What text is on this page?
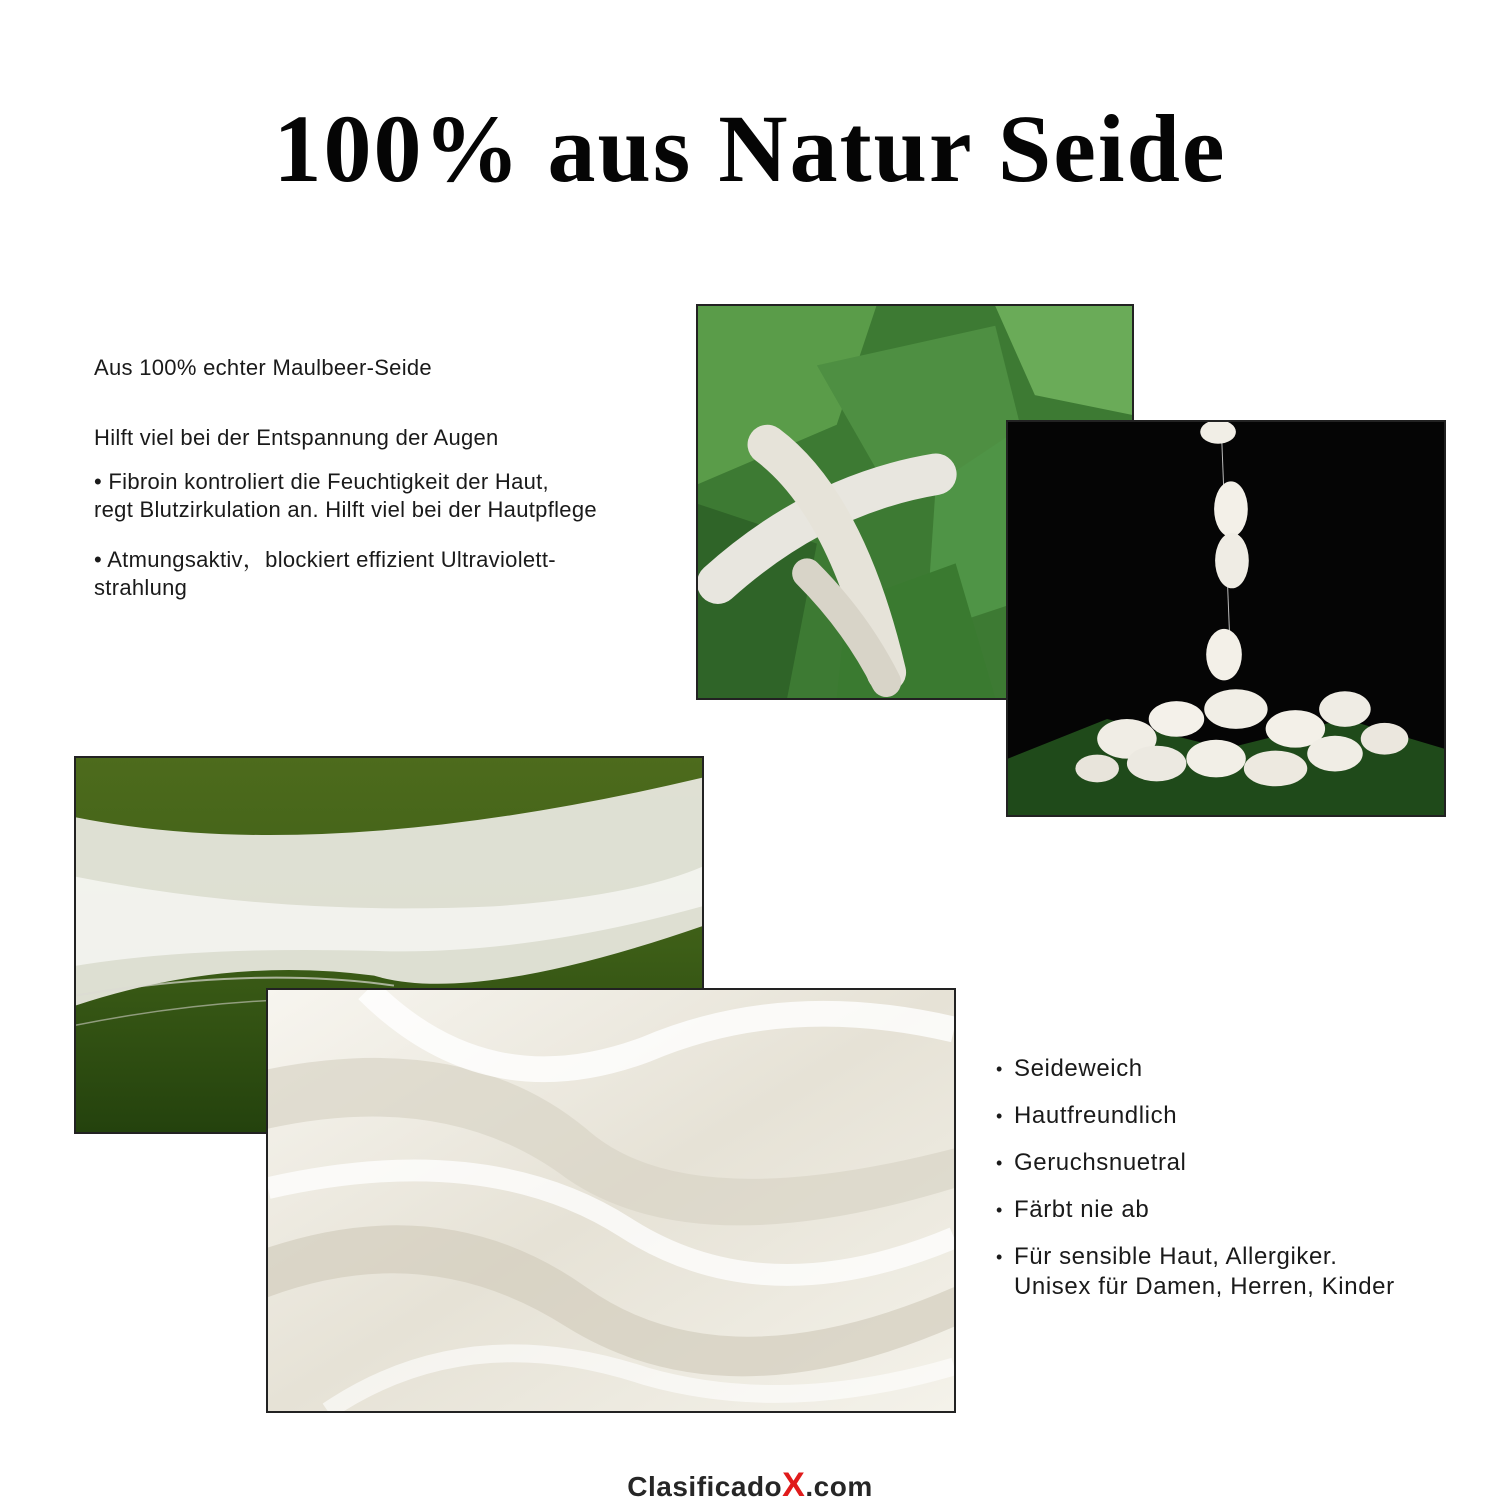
100% aus Natur Seide

Aus 100% echter Maulbeer-Seide

Hilft viel bei der Entspannung der Augen

• Fibroin kontroliert die Feuchtigkeit der Haut,
regt Blutzirkulation an. Hilft viel bei der Hautpflege

• Atmungsaktiv，blockiert effizient Ultraviolett-
strahlung

• Seideweich
• Hautfreundlich
• Geruchsnuetral
• Färbt nie ab
• Für sensible Haut, Allergiker.
Unisex für Damen, Herren, Kinder
ClasificadoX.com
